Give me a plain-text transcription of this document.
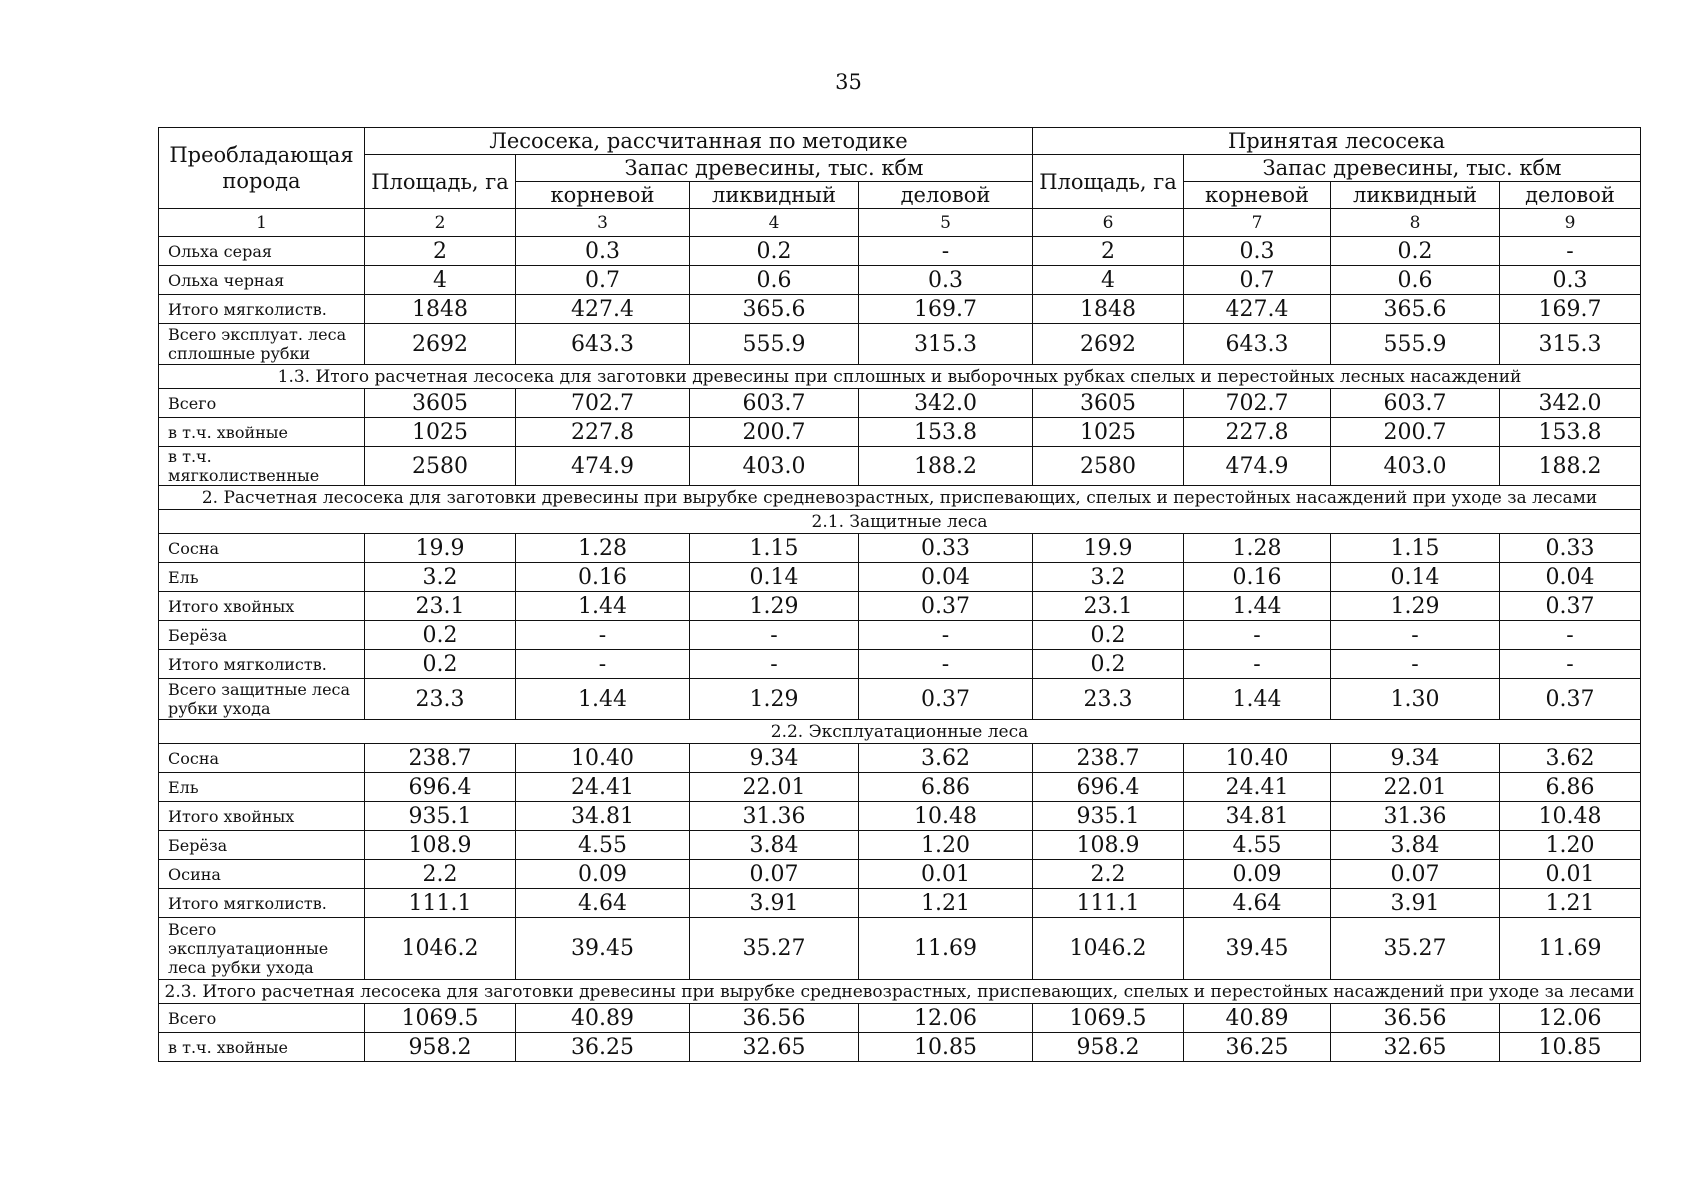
35
Преобладающая порода	Лесосека, рассчитанная по методике				Принятая лесосека			
	Площадь, га	Запас древесины, тыс. кбм			Площадь, га	Запас древесины, тыс. кбм		
		корневой	ликвидный	деловой		корневой	ликвидный	деловой
1	2	3	4	5	6	7	8	9
Ольха серая	2	0.3	0.2	-	2	0.3	0.2	-
Ольха черная	4	0.7	0.6	0.3	4	0.7	0.6	0.3
Итого мягколиств.	1848	427.4	365.6	169.7	1848	427.4	365.6	169.7
Всего эксплуат. леса сплошные рубки	2692	643.3	555.9	315.3	2692	643.3	555.9	315.3
1.3. Итого расчетная лесосека для заготовки древесины при сплошных и выборочных рубках спелых и перестойных лесных насаждений								
Всего	3605	702.7	603.7	342.0	3605	702.7	603.7	342.0
в т.ч. хвойные	1025	227.8	200.7	153.8	1025	227.8	200.7	153.8
в т.ч. мягколиственные	2580	474.9	403.0	188.2	2580	474.9	403.0	188.2
2. Расчетная лесосека для заготовки древесины при вырубке средневозрастных, приспевающих, спелых и перестойных насаждений при уходе за лесами								
2.1. Защитные леса								
Сосна	19.9	1.28	1.15	0.33	19.9	1.28	1.15	0.33
Ель	3.2	0.16	0.14	0.04	3.2	0.16	0.14	0.04
Итого хвойных	23.1	1.44	1.29	0.37	23.1	1.44	1.29	0.37
Берёза	0.2	-	-	-	0.2	-	-	-
Итого мягколиств.	0.2	-	-	-	0.2	-	-	-
Всего защитные леса рубки ухода	23.3	1.44	1.29	0.37	23.3	1.44	1.30	0.37
2.2. Эксплуатационные леса								
Сосна	238.7	10.40	9.34	3.62	238.7	10.40	9.34	3.62
Ель	696.4	24.41	22.01	6.86	696.4	24.41	22.01	6.86
Итого хвойных	935.1	34.81	31.36	10.48	935.1	34.81	31.36	10.48
Берёза	108.9	4.55	3.84	1.20	108.9	4.55	3.84	1.20
Осина	2.2	0.09	0.07	0.01	2.2	0.09	0.07	0.01
Итого мягколиств.	111.1	4.64	3.91	1.21	111.1	4.64	3.91	1.21
Всего эксплуатационные леса рубки ухода	1046.2	39.45	35.27	11.69	1046.2	39.45	35.27	11.69
2.3. Итого расчетная лесосека для заготовки древесины при вырубке средневозрастных, приспевающих, спелых и перестойных насаждений при уходе за лесами								
Всего	1069.5	40.89	36.56	12.06	1069.5	40.89	36.56	12.06
в т.ч. хвойные	958.2	36.25	32.65	10.85	958.2	36.25	32.65	10.85
